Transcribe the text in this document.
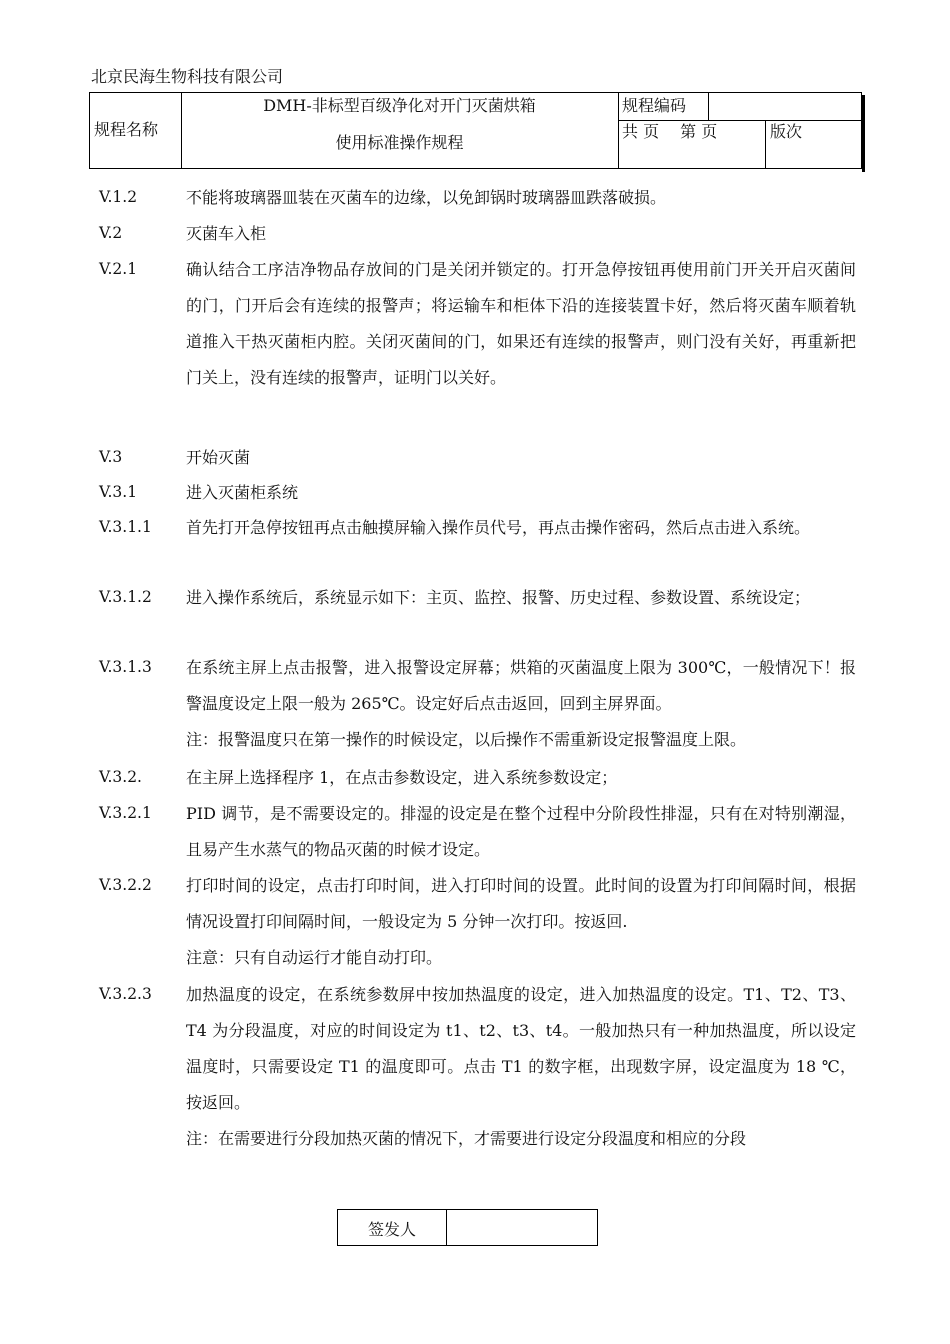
北京民海生物科技有限公司
规程名称
DMH-非标型百级净化对开门灭菌烘箱
使用标准操作规程
规程编码
共 页　 第 页	版次
V.1.2	不能将玻璃器皿装在灭菌车的边缘，以免卸锅时玻璃器皿跌落破损。

V.2	灭菌车入柜

V.2.1	确认结合工序洁净物品存放间的门是关闭并锁定的。打开急停按钮再使用前门开关开启灭菌间的门，门开后会有连续的报警声；将运输车和柜体下沿的连接装置卡好，然后将灭菌车顺着轨道推入干热灭菌柜内腔。关闭灭菌间的门，如果还有连续的报警声，则门没有关好，再重新把门关上，没有连续的报警声，证明门以关好。

V.3	开始灭菌

V.3.1	进入灭菌柜系统

V.3.1.1 首先打开急停按钮再点击触摸屏输入操作员代号，再点击操作密码，然后点击进入系统。

V.3.1.2 进入操作系统后，系统显示如下：主页、监控、报警、历史过程、参数设置、系统设定；

V.3.1.3 在系统主屏上点击报警，进入报警设定屏幕；烘箱的灭菌温度上限为 300℃，一般情况下！报警温度设定上限一般为 265℃。设定好后点击返回，回到主屏界面。

注：报警温度只在第一操作的时候设定，以后操作不需重新设定报警温度上限。

V.3.2.	在主屏上选择程序 1，在点击参数设定，进入系统参数设定；

V.3.2.1 PID 调节，是不需要设定的。排湿的设定是在整个过程中分阶段性排湿，只有在对特别潮湿，且易产生水蒸气的物品灭菌的时候才设定。

V.3.2.2 打印时间的设定，点击打印时间，进入打印时间的设置。此时间的设置为打印间隔时间，根据情况设置打印间隔时间，一般设定为 5 分钟一次打印。按返回.

注意：只有自动运行才能自动打印。

V.3.2.3 加热温度的设定，在系统参数屏中按加热温度的设定，进入加热温度的设定。T1、T2、T3、T4 为分段温度，对应的时间设定为 t1、t2、t3、t4。一般加热只有一种加热温度，所以设定温度时，只需要设定 T1 的温度即可。点击 T1 的数字框，出现数字屏，设定温度为 18 ℃，按返回。

注：在需要进行分段加热灭菌的情况下，才需要进行设定分段温度和相应的分段

签发人
